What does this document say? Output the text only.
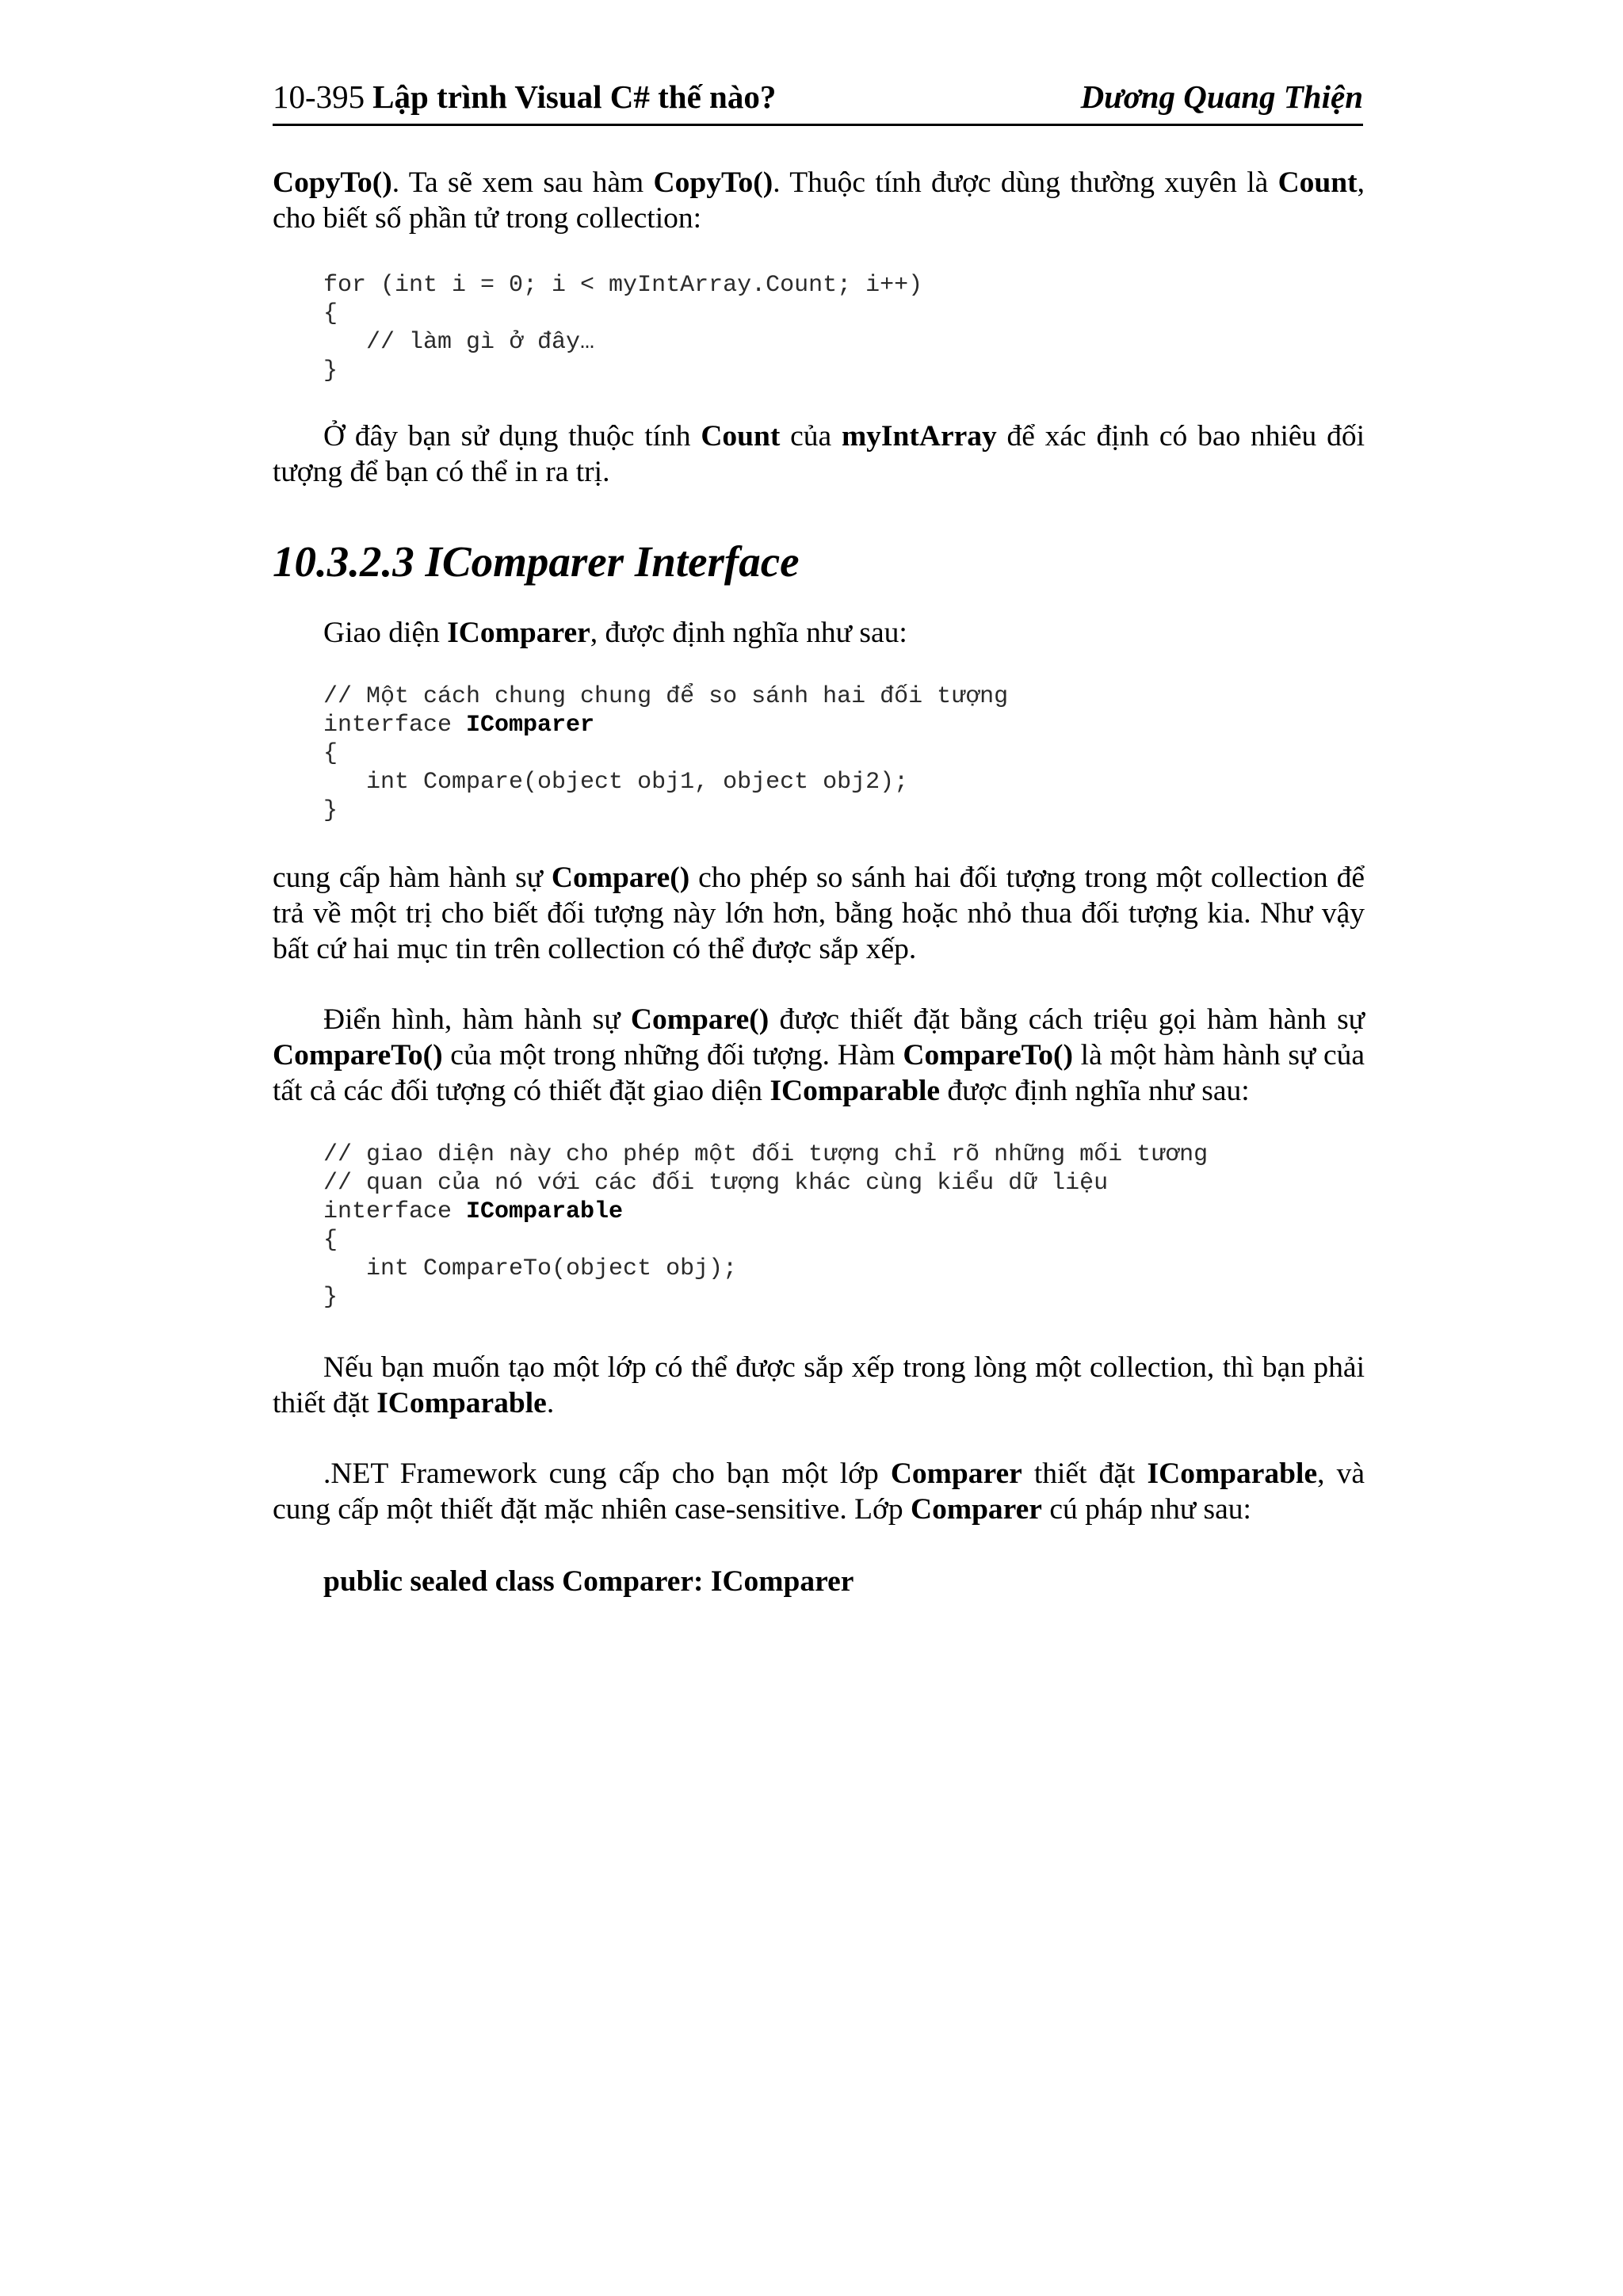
10-395 Lập trình Visual C# thế nào?	Dương Quang Thiện

CopyTo(). Ta sẽ xem sau hàm CopyTo(). Thuộc tính được dùng thường xuyên là Count, cho biết số phần tử trong collection:

for (int i = 0; i < myIntArray.Count; i++)
{
// làm gì ở đây…
}

Ở đây bạn sử dụng thuộc tính Count của myIntArray để xác định có bao nhiêu đối tượng để bạn có thể in ra trị.

10.3.2.3 IComparer Interface

Giao diện IComparer, được định nghĩa như sau:

// Một cách chung chung để so sánh hai đối tượng
interface IComparer
{
int Compare(object obj1, object obj2);
}

cung cấp hàm hành sự Compare() cho phép so sánh hai đối tượng trong một collection để trả về một trị cho biết đối tượng này lớn hơn, bằng hoặc nhỏ thua đối tượng kia. Như vậy bất cứ hai mục tin trên collection có thể được sắp xếp.

Điển hình, hàm hành sự Compare() được thiết đặt bằng cách triệu gọi hàm hành sự CompareTo() của một trong những đối tượng. Hàm CompareTo() là một hàm hành sự của tất cả các đối tượng có thiết đặt giao diện IComparable được định nghĩa như sau:

// giao diện này cho phép một đối tượng chỉ rõ những mối tương
// quan của nó với các đối tượng khác cùng kiểu dữ liệu
interface IComparable
{
int CompareTo(object obj);
}

Nếu bạn muốn tạo một lớp có thể được sắp xếp trong lòng một collection, thì bạn phải thiết đặt IComparable.

.NET Framework cung cấp cho bạn một lớp Comparer thiết đặt IComparable, và cung cấp một thiết đặt mặc nhiên case-sensitive. Lớp Comparer cú pháp như sau:

public sealed class Comparer: IComparer
